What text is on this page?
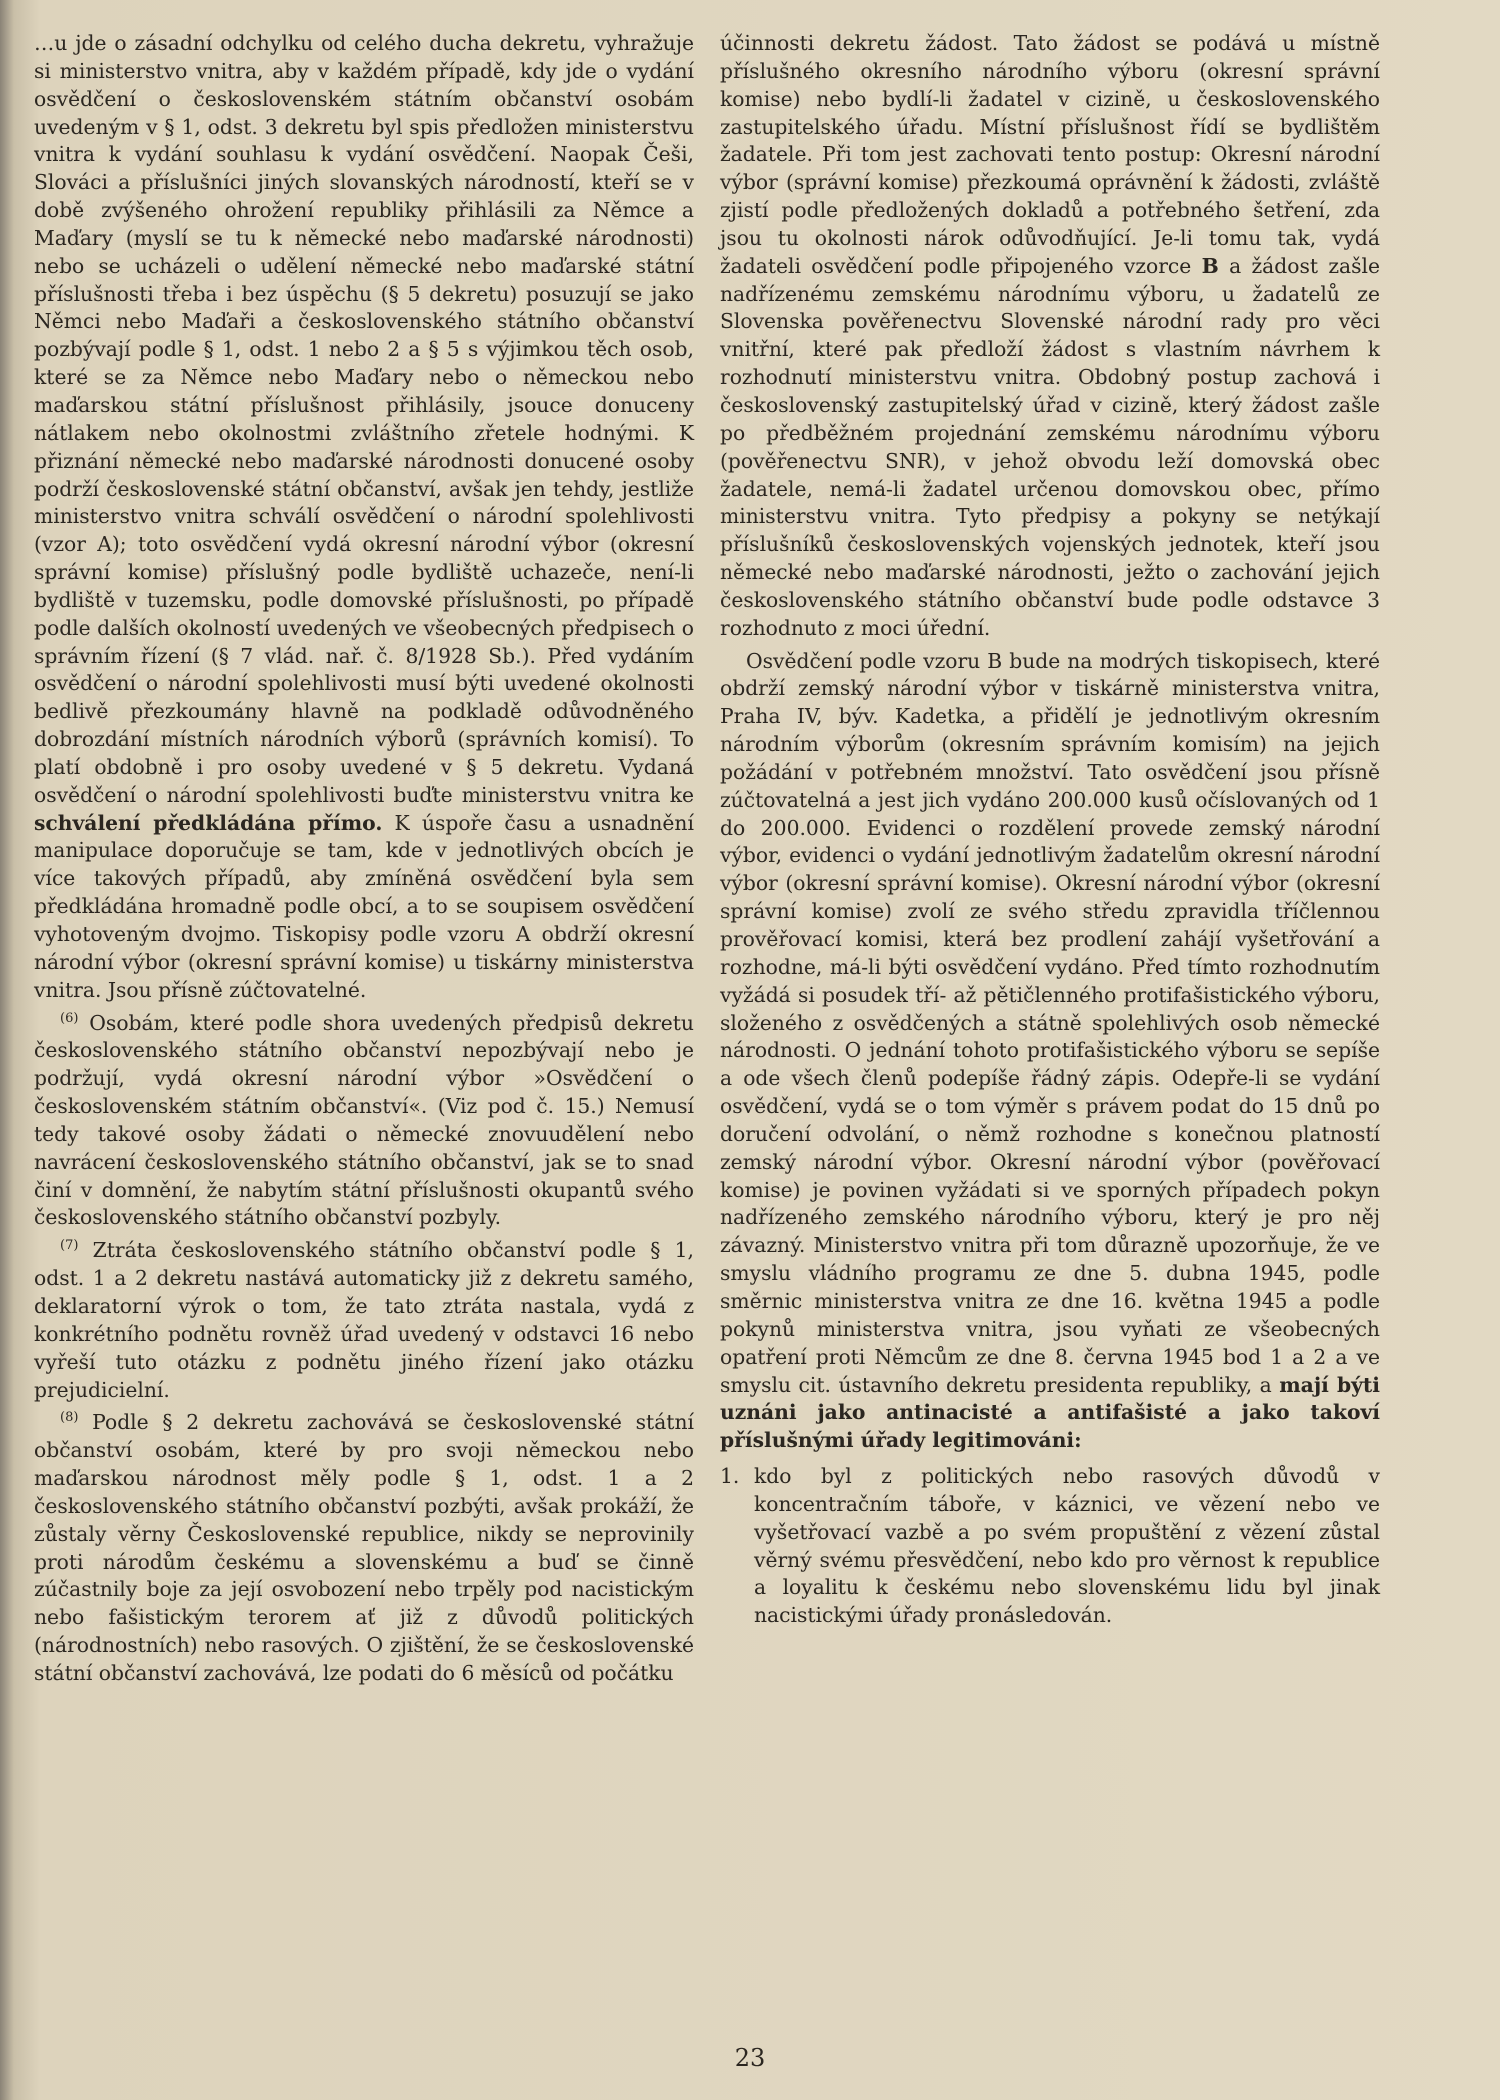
…u jde o zásadní odchylku od celého ducha dekretu, vyhražuje si ministerstvo vnitra, aby v každém případě, kdy jde o vydání osvědčení o československém státním občanství osobám uvedeným v § 1, odst. 3 dekretu byl spis předložen ministerstvu vnitra k vydání souhlasu k vydání osvědčení. Naopak Češi, Slováci a příslušníci jiných slovanských národností, kteří se v době zvýšeného ohrožení republiky přihlásili za Němce a Maďary (myslí se tu k německé nebo maďarské národnosti) nebo se ucházeli o udělení německé nebo maďarské státní příslušnosti třeba i bez úspěchu (§ 5 dekretu) posuzují se jako Němci nebo Maďaři a československého státního občanství pozbývají podle § 1, odst. 1 nebo 2 a § 5 s výjimkou těch osob, které se za Němce nebo Maďary nebo o německou nebo maďarskou státní příslušnost přihlásily, jsouce donuceny nátlakem nebo okolnostmi zvláštního zřetele hodnými. K přiznání německé nebo maďarské národnosti donucené osoby podrží československé státní občanství, avšak jen tehdy, jestliže ministerstvo vnitra schválí osvědčení o národní spolehlivosti (vzor A); toto osvědčení vydá okresní národní výbor (okresní správní komise) příslušný podle bydliště uchazeče, není-li bydliště v tuzemsku, podle domovské příslušnosti, po případě podle dalších okolností uvedených ve všeobecných předpisech o správním řízení (§ 7 vlád. nař. č. 8/1928 Sb.). Před vydáním osvědčení o národní spolehlivosti musí býti uvedené okolnosti bedlivě přezkoumány hlavně na podkladě odůvodněného dobrozdání místních národních výborů (správních komisí). To platí obdobně i pro osoby uvedené v § 5 dekretu. Vydaná osvědčení o národní spolehlivosti buďte ministerstvu vnitra ke schválení předkládána přímo. K úspoře času a usnadnění manipulace doporučuje se tam, kde v jednotlivých obcích je více takových případů, aby zmíněná osvědčení byla sem předkládána hromadně podle obcí, a to se soupisem osvědčení vyhotoveným dvojmo. Tiskopisy podle vzoru A obdrží okresní národní výbor (okresní správní komise) u tiskárny ministerstva vnitra. Jsou přísně zúčtovatelné.

$^{(6)}$ Osobám, které podle shora uvedených předpisů dekretu československého státního občanství nepozbývají nebo je podržují, vydá okresní národní výbor »Osvědčení o československém státním občanství«. (Viz pod č. 15.) Nemusí tedy takové osoby žádati o německé znovuudělení nebo navrácení československého státního občanství, jak se to snad činí v domnění, že nabytím státní příslušnosti okupantů svého československého státního občanství pozbyly.

$^{(7)}$ Ztráta československého státního občanství podle § 1, odst. 1 a 2 dekretu nastává automaticky již z dekretu samého, deklaratorní výrok o tom, že tato ztráta nastala, vydá z konkrétního podnětu rovněž úřad uvedený v odstavci 16 nebo vyřeší tuto otázku z podnětu jiného řízení jako otázku prejudicielní.

$^{(8)}$ Podle § 2 dekretu zachovává se československé státní občanství osobám, které by pro svoji německou nebo maďarskou národnost měly podle § 1, odst. 1 a 2 československého státního občanství pozbýti, avšak prokáží, že zůstaly věrny Československé republice, nikdy se neprovinily proti národům českému a slovenskému a buď se činně zúčastnily boje za její osvobození nebo trpěly pod nacistickým nebo fašistickým terorem ať již z důvodů politických (národnostních) nebo rasových. O zjištění, že se československé státní občanství zachovává, lze podati do 6 měsíců od počátku

účinnosti dekretu žádost. Tato žádost se podává u místně příslušného okresního národního výboru (okresní správní komise) nebo bydlí-li žadatel v cizině, u československého zastupitelského úřadu. Místní příslušnost řídí se bydlištěm žadatele. Při tom jest zachovati tento postup: Okresní národní výbor (správní komise) přezkoumá oprávnění k žádosti, zvláště zjistí podle předložených dokladů a potřebného šetření, zda jsou tu okolnosti nárok odůvodňující. Je-li tomu tak, vydá žadateli osvědčení podle připojeného vzorce B a žádost zašle nadřízenému zemskému národnímu výboru, u žadatelů ze Slovenska pověřenectvu Slovenské národní rady pro věci vnitřní, které pak předloží žádost s vlastním návrhem k rozhodnutí ministerstvu vnitra. Obdobný postup zachová i československý zastupitelský úřad v cizině, který žádost zašle po předběžném projednání zemskému národnímu výboru (pověřenectvu SNR), v jehož obvodu leží domovská obec žadatele, nemá-li žadatel určenou domovskou obec, přímo ministerstvu vnitra. Tyto předpisy a pokyny se netýkají příslušníků československých vojenských jednotek, kteří jsou německé nebo maďarské národnosti, ježto o zachování jejich československého státního občanství bude podle odstavce 3 rozhodnuto z moci úřední.

Osvědčení podle vzoru B bude na modrých tiskopisech, které obdrží zemský národní výbor v tiskárně ministerstva vnitra, Praha IV, býv. Kadetka, a přidělí je jednotlivým okresním národním výborům (okresním správním komisím) na jejich požádání v potřebném množství. Tato osvědčení jsou přísně zúčtovatelná a jest jich vydáno 200.000 kusů očíslovaných od 1 do 200.000. Evidenci o rozdělení provede zemský národní výbor, evidenci o vydání jednotlivým žadatelům okresní národní výbor (okresní správní komise). Okresní národní výbor (okresní správní komise) zvolí ze svého středu zpravidla tříčlennou prověřovací komisi, která bez prodlení zahájí vyšetřování a rozhodne, má-li býti osvědčení vydáno. Před tímto rozhodnutím vyžádá si posudek tří- až pětičlenného protifašistického výboru, složeného z osvědčených a státně spolehlivých osob německé národnosti. O jednání tohoto protifašistického výboru se sepíše a ode všech členů podepíše řádný zápis. Odepře-li se vydání osvědčení, vydá se o tom výměr s právem podat do 15 dnů po doručení odvolání, o němž rozhodne s konečnou platností zemský národní výbor. Okresní národní výbor (pověřovací komise) je povinen vyžádati si ve sporných případech pokyn nadřízeného zemského národního výboru, který je pro něj závazný. Ministerstvo vnitra při tom důrazně upozorňuje, že ve smyslu vládního programu ze dne 5. dubna 1945, podle směrnic ministerstva vnitra ze dne 16. května 1945 a podle pokynů ministerstva vnitra, jsou vyňati ze všeobecných opatření proti Němcům ze dne 8. června 1945 bod 1 a 2 a ve smyslu cit. ústavního dekretu presidenta republiky, a mají býti uznáni jako antinacisté a antifašisté a jako takoví příslušnými úřady legitimováni:

1. kdo byl z politických nebo rasových důvodů v koncentračním táboře, v káznici, ve vězení nebo ve vyšetřovací vazbě a po svém propuštění z vězení zůstal věrný svému přesvědčení, nebo kdo pro věrnost k republice a loyalitu k českému nebo slovenskému lidu byl jinak nacistickými úřady pronásledován.
23
